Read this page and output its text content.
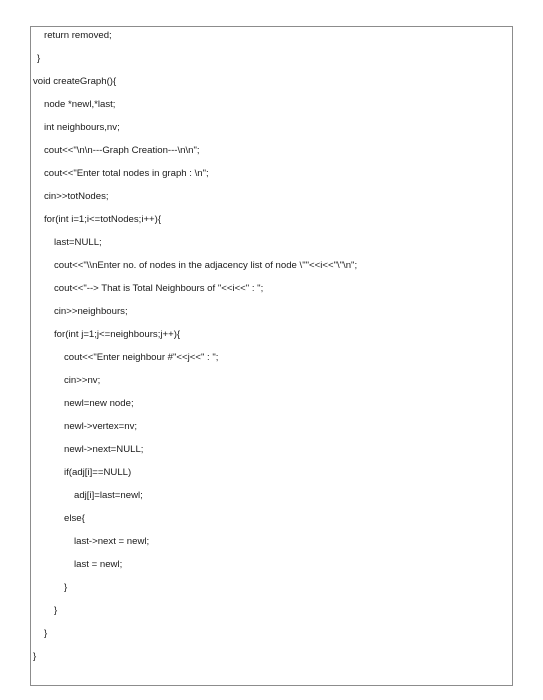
return removed;
}
void createGraph(){
node *newl,*last;
int neighbours,nv;
cout<<"\n\n---Graph Creation---\n\n";
cout<<"Enter total nodes in graph : \n";
cin>>totNodes;
for(int i=1;i<=totNodes;i++){
last=NULL;
cout<<"\\nEnter no. of nodes in the adjacency list of node \""<<i<<"\"\n";
cout<<"--> That is Total Neighbours of "<<i<<" : ";
cin>>neighbours;
for(int j=1;j<=neighbours;j++){
cout<<"Enter neighbour #"<<j<<" : ";
cin>>nv;
newl=new node;
newl->vertex=nv;
newl->next=NULL;
if(adj[i]==NULL)
adj[i]=last=newl;
else{
last->next = newl;
last = newl;
}
}
}
}
